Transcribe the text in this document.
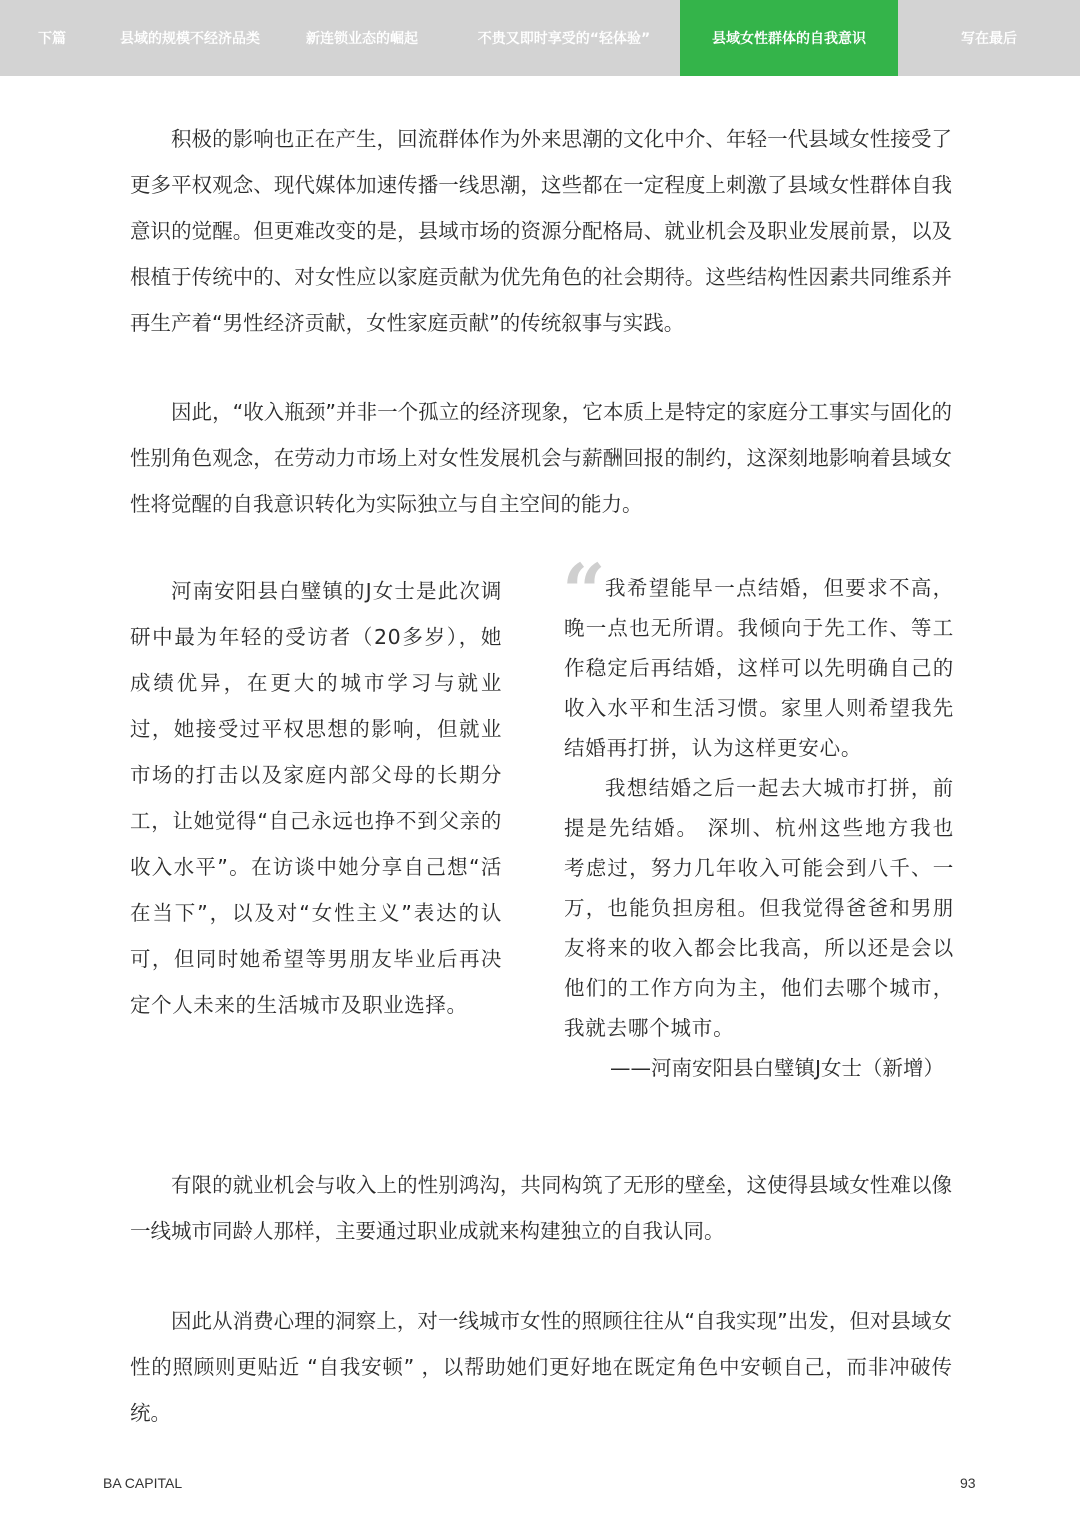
下篇	县域的规模不经济品类	新连锁业态的崛起	不贵又即时享受的“轻体验”	县域女性群体的自我意识	写在最后

积极的影响也正在产生，回流群体作为外来思潮的文化中介、年轻一代县域女性接受了更多平权观念、现代媒体加速传播一线思潮，这些都在一定程度上刺激了县域女性群体自我意识的觉醒。但更难改变的是，县域市场的资源分配格局、就业机会及职业发展前景，以及根植于传统中的、对女性应以家庭贡献为优先角色的社会期待。这些结构性因素共同维系并再生产着“男性经济贡献，女性家庭贡献”的传统叙事与实践。

因此，“收入瓶颈”并非一个孤立的经济现象，它本质上是特定的家庭分工事实与固化的性别角色观念，在劳动力市场上对女性发展机会与薪酬回报的制约，这深刻地影响着县域女性将觉醒的自我意识转化为实际独立与自主空间的能力。

河南安阳县白璧镇的J女士是此次调研中最为年轻的受访者（20多岁），她成绩优异，在更大的城市学习与就业过，她接受过平权思想的影响，但就业市场的打击以及家庭内部父母的长期分工，让她觉得“自己永远也挣不到父亲的收入水平”。在访谈中她分享自己想“活在当下”，以及对“女性主义”表达的认可，但同时她希望等男朋友毕业后再决定个人未来的生活城市及职业选择。

“ 我希望能早一点结婚，但要求不高，晚一点也无所谓。我倾向于先工作、等工作稳定后再结婚，这样可以先明确自己的收入水平和生活习惯。家里人则希望我先结婚再打拼，认为这样更安心。

我想结婚之后一起去大城市打拼，前提是先结婚。 深圳、杭州这些地方我也考虑过，努力几年收入可能会到八千、一万，也能负担房租。但我觉得爸爸和男朋友将来的收入都会比我高，所以还是会以他们的工作方向为主，他们去哪个城市，我就去哪个城市。

——河南安阳县白璧镇J女士（新增）

有限的就业机会与收入上的性别鸿沟，共同构筑了无形的壁垒，这使得县域女性难以像一线城市同龄人那样，主要通过职业成就来构建独立的自我认同。

因此从消费心理的洞察上，对一线城市女性的照顾往往从“自我实现”出发，但对县域女性的照顾则更贴近 “自我安顿” ，以帮助她们更好地在既定角色中安顿自己，而非冲破传统。

BA CAPITAL	93
